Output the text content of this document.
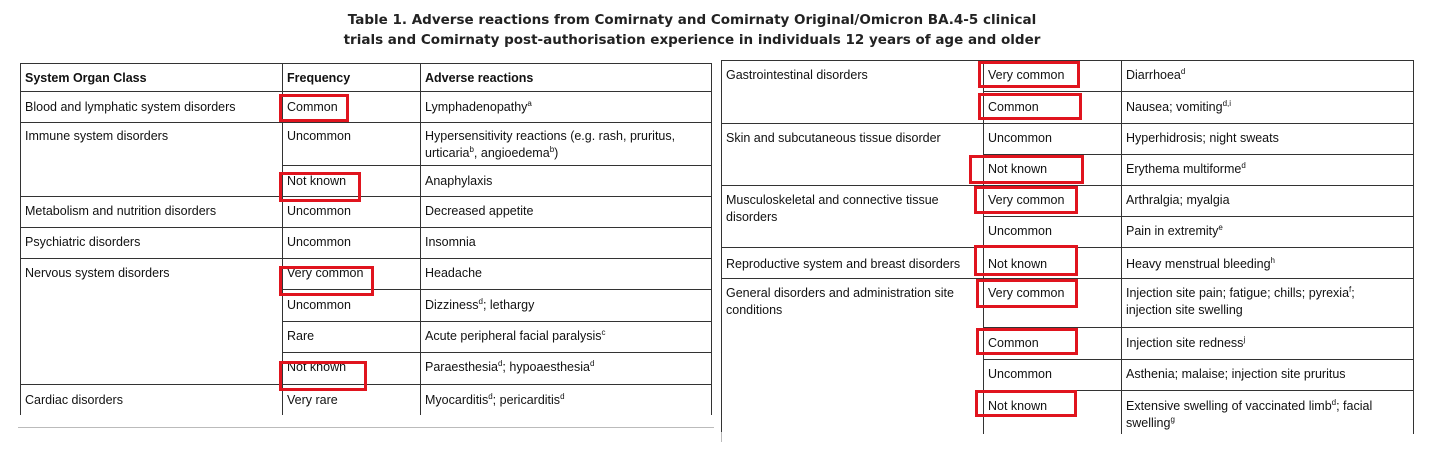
Table 1. Adverse reactions from Comirnaty and Comirnaty Original/Omicron BA.4-5 clinical
trials and Comirnaty post-authorisation experience in individuals 12 years of age and older
System Organ Class	Frequency	Adverse reactions
Blood and lymphatic system disorders	Common	Lymphadenopathy$^a$
Immune system disorders	Uncommon	Hypersensitivity reactions (e.g. rash, pruritus,
urticaria$^b$, angioedema$^b$)
	Not known	Anaphylaxis
Metabolism and nutrition disorders	Uncommon	Decreased appetite
Psychiatric disorders	Uncommon	Insomnia
Nervous system disorders	Very common	Headache
	Uncommon	Dizziness$^d$; lethargy
	Rare	Acute peripheral facial paralysis$^c$
	Not known	Paraesthesia$^d$; hypoaesthesia$^d$
Cardiac disorders	Very rare	Myocarditis$^d$; pericarditis$^d$
Gastrointestinal disorders	Very common	Diarrhoea$^d$
	Common	Nausea; vomiting$^{d,i}$
Skin and subcutaneous tissue disorder	Uncommon	Hyperhidrosis; night sweats
	Not known	Erythema multiforme$^d$
Musculoskeletal and connective tissue disorders	Very common	Arthralgia; myalgia
	Uncommon	Pain in extremity$^e$
Reproductive system and breast disorders	Not known	Heavy menstrual bleeding$^h$
General disorders and administration site conditions	Very common	Injection site pain; fatigue; chills; pyrexia$^f$;
injection site swelling
	Common	Injection site redness$^j$
	Uncommon	Asthenia; malaise; injection site pruritus
	Not known	Extensive swelling of vaccinated limb$^d$; facial
swelling$^g$
